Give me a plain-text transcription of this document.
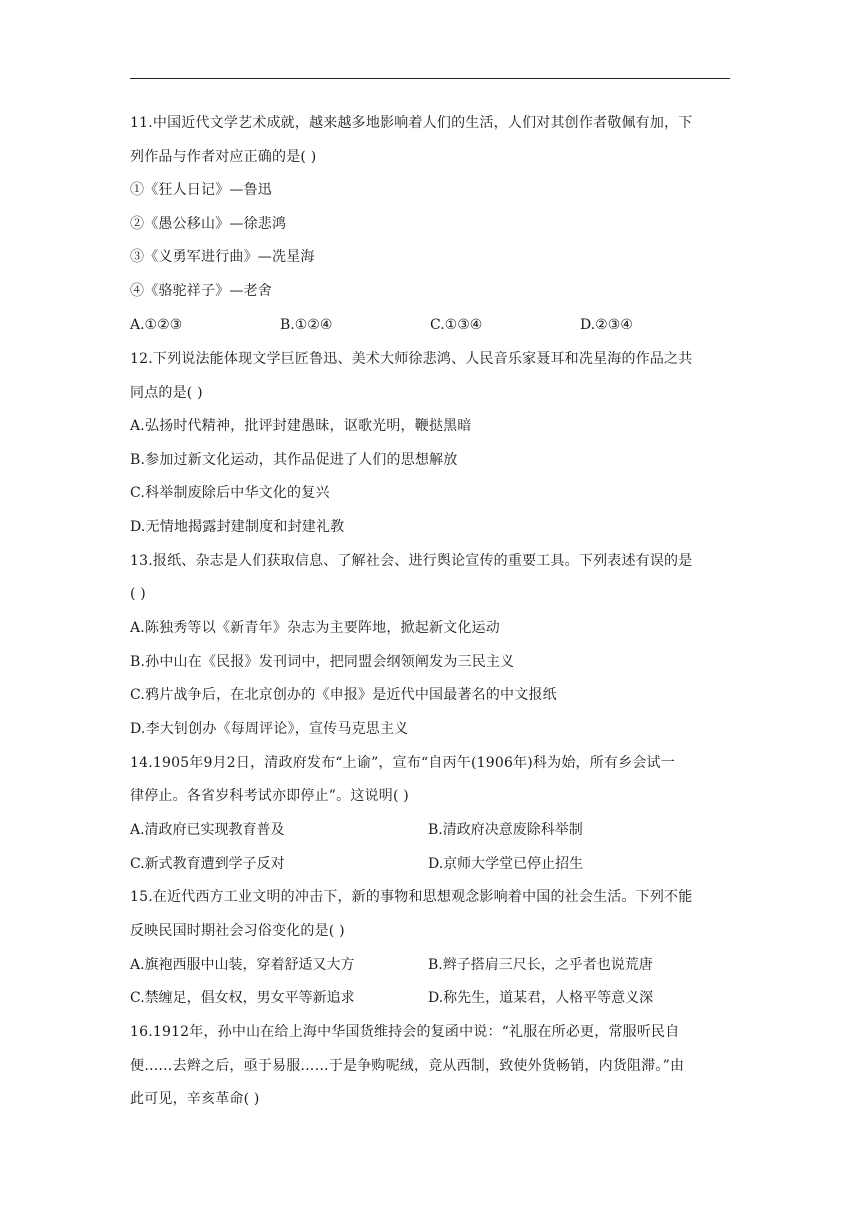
11.中国近代文学艺术成就，越来越多地影响着人们的生活，人们对其创作者敬佩有加，下
列作品与作者对应正确的是( )
①《狂人日记》—鲁迅
②《愚公移山》—徐悲鸿
③《义勇军进行曲》—冼星海
④《骆驼祥子》—老舍
A.①②③	B.①②④	C.①③④	D.②③④
12.下列说法能体现文学巨匠鲁迅、美术大师徐悲鸿、人民音乐家聂耳和冼星海的作品之共
同点的是( )
A.弘扬时代精神，批评封建愚昧，讴歌光明，鞭挞黑暗
B.参加过新文化运动，其作品促进了人们的思想解放
C.科举制废除后中华文化的复兴
D.无情地揭露封建制度和封建礼教
13.报纸、杂志是人们获取信息、了解社会、进行舆论宣传的重要工具。下列表述有误的是
( )
A.陈独秀等以《新青年》杂志为主要阵地，掀起新文化运动
B.孙中山在《民报》发刊词中，把同盟会纲领阐发为三民主义
C.鸦片战争后，在北京创办的《申报》是近代中国最著名的中文报纸
D.李大钊创办《每周评论》，宣传马克思主义
14.1905年9月2日，清政府发布“上谕”，宣布“自丙午(1906年)科为始，所有乡会试一
律停止。各省岁科考试亦即停止”。这说明( )
A.清政府已实现教育普及	B.清政府决意废除科举制
C.新式教育遭到学子反对	D.京师大学堂已停止招生
15.在近代西方工业文明的冲击下，新的事物和思想观念影响着中国的社会生活。下列不能
反映民国时期社会习俗变化的是( )
A.旗袍西服中山装，穿着舒适又大方	B.辫子搭肩三尺长，之乎者也说荒唐
C.禁缠足，倡女权，男女平等新追求	D.称先生，道某君，人格平等意义深
16.1912年，孙中山在给上海中华国货维持会的复函中说：“礼服在所必更，常服听民自
便……去辫之后，亟于易服……于是争购呢绒，竞从西制，致使外货畅销，内货阻滞。”由
此可见，辛亥革命( )
